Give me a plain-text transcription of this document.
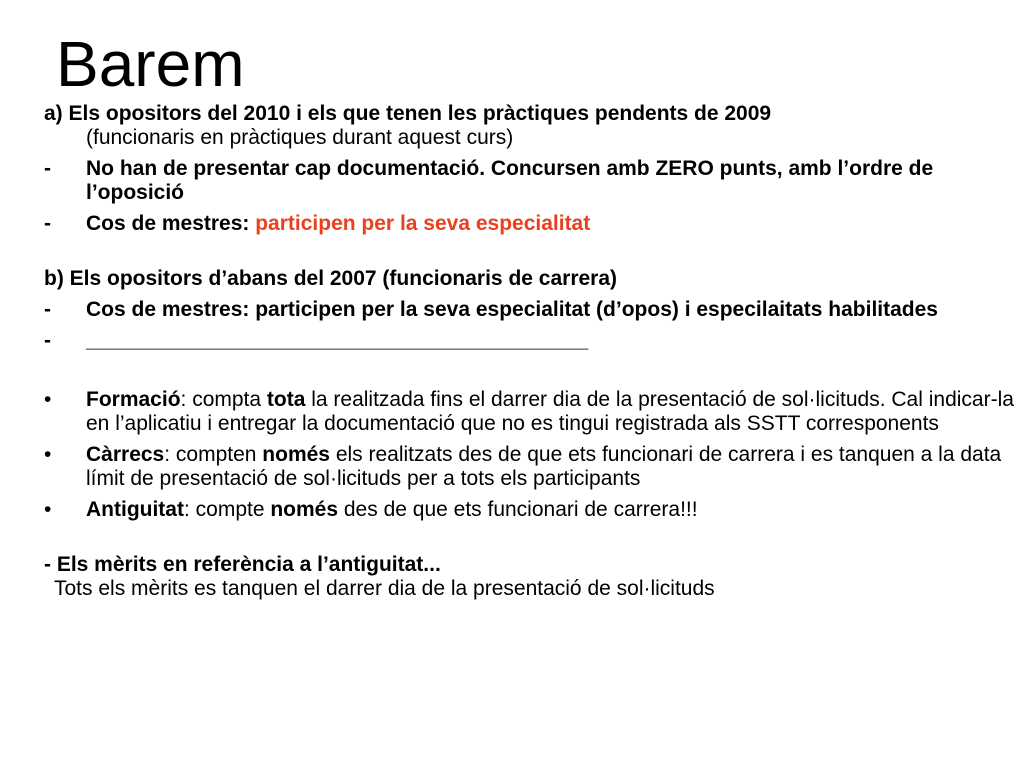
Barem

a) Els opositors del 2010 i els que tenen les pràctiques pendents de 2009

(funcionaris en pràctiques durant aquest curs)

- No han de presentar cap documentació. Concursen amb ZERO punts, amb l’ordre de l’oposició
- Cos de mestres: participen per la seva especialitat

b) Els opositors d’abans del 2007 (funcionaris de carrera)

- Cos de mestres: participen per la seva especialitat (d’opos) i especilaitats habilitades
- ___________________________________________
• Formació: compta tota la realitzada fins el darrer dia de la presentació de sol·licituds. Cal indicar-la en l’aplicatiu i entregar la documentació que no es tingui registrada als SSTT corresponents
• Càrrecs: compten només els realitzats des de que ets funcionari de carrera i es tanquen a la data límit de presentació de sol·licituds per a tots els participants
• Antiguitat: compte només des de que ets funcionari de carrera!!!

- Els mèrits en referència a l’antiguitat...

Tots els mèrits es tanquen el darrer dia de la presentació de sol·licituds
